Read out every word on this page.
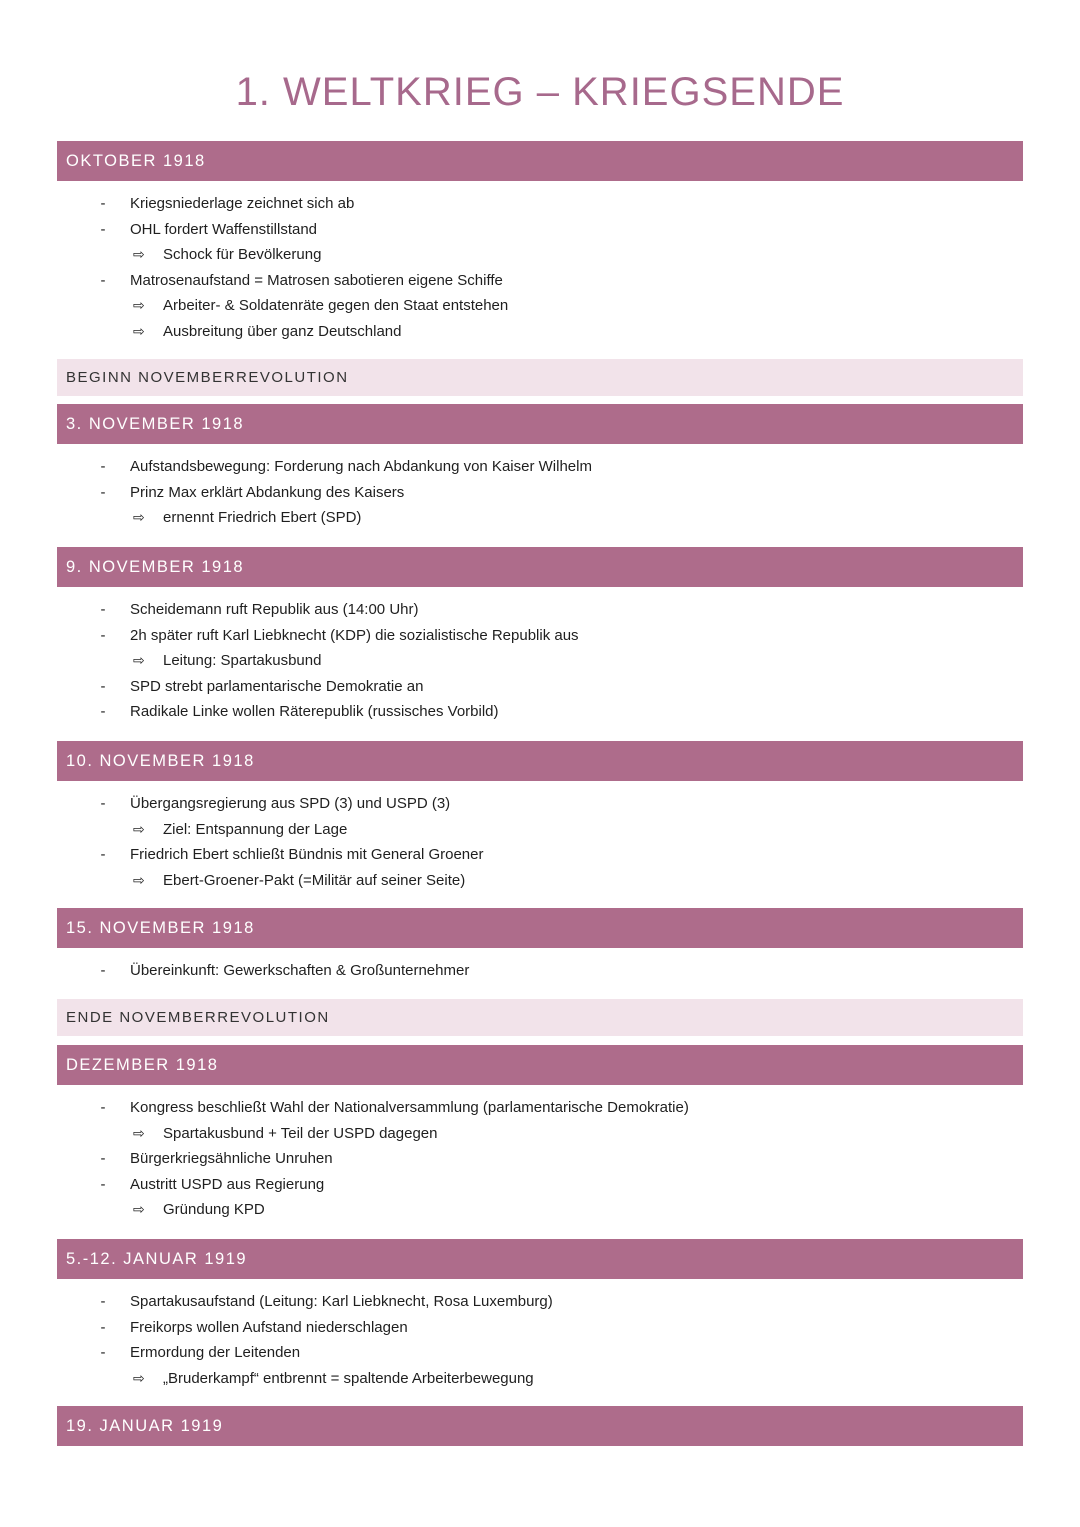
1. WELTKRIEG – KRIEGSENDE
OKTOBER 1918
- Kriegsniederlage zeichnet sich ab
- OHL fordert Waffenstillstand
⇨ Schock für Bevölkerung
- Matrosenaufstand = Matrosen sabotieren eigene Schiffe
⇨ Arbeiter- & Soldatenräte gegen den Staat entstehen
⇨ Ausbreitung über ganz Deutschland
BEGINN NOVEMBERREVOLUTION
3. NOVEMBER 1918
- Aufstandsbewegung: Forderung nach Abdankung von Kaiser Wilhelm
- Prinz Max erklärt Abdankung des Kaisers
⇨ ernennt Friedrich Ebert (SPD)
9. NOVEMBER 1918
- Scheidemann ruft Republik aus (14:00 Uhr)
- 2h später ruft Karl Liebknecht (KDP) die sozialistische Republik aus
⇨ Leitung: Spartakusbund
- SPD strebt parlamentarische Demokratie an
- Radikale Linke wollen Räterepublik (russisches Vorbild)
10. NOVEMBER 1918
- Übergangsregierung aus SPD (3) und USPD (3)
⇨ Ziel: Entspannung der Lage
- Friedrich Ebert schließt Bündnis mit General Groener
⇨ Ebert-Groener-Pakt (=Militär auf seiner Seite)
15. NOVEMBER 1918
- Übereinkunft: Gewerkschaften & Großunternehmer
ENDE NOVEMBERREVOLUTION
DEZEMBER 1918
- Kongress beschließt Wahl der Nationalversammlung (parlamentarische Demokratie)
⇨ Spartakusbund + Teil der USPD dagegen
- Bürgerkriegsähnliche Unruhen
- Austritt USPD aus Regierung
⇨ Gründung KPD
5.-12. JANUAR 1919
- Spartakusaufstand (Leitung: Karl Liebknecht, Rosa Luxemburg)
- Freikorps wollen Aufstand niederschlagen
- Ermordung der Leitenden
⇨ „Bruderkampf“ entbrennt = spaltende Arbeiterbewegung
19. JANUAR 1919
